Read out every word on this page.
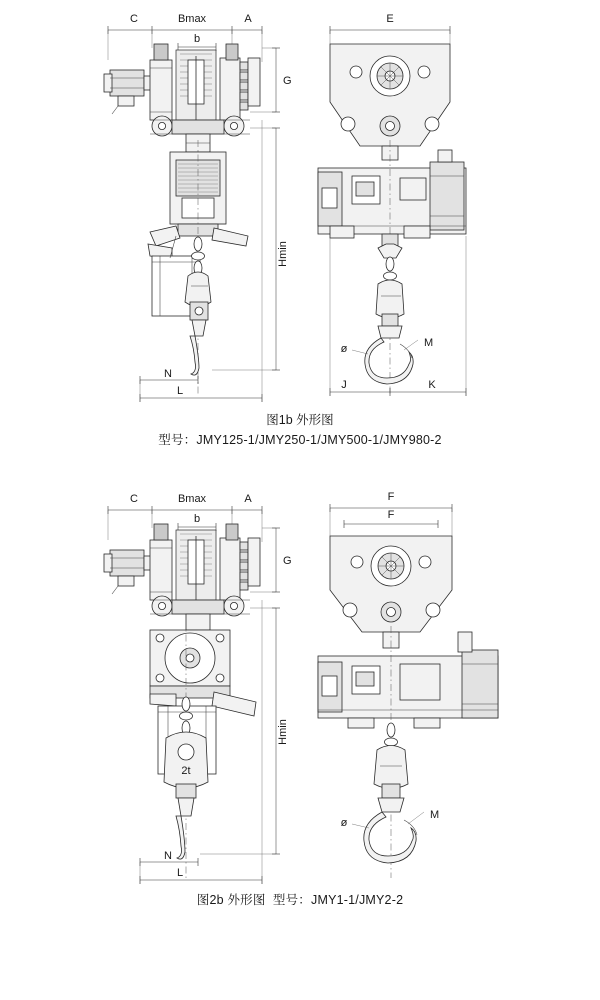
C	Bmax	A
b
G
Hmin
N
L
E
ø	M
J	K
图1b 外形图
型号：JMY125-1/JMY250-1/JMY500-1/JMY980-2
C	Bmax	A
b
2t
G
Hmin
N
L
F
F
ø
M
图2b 外形图 型号：JMY1-1/JMY2-2
